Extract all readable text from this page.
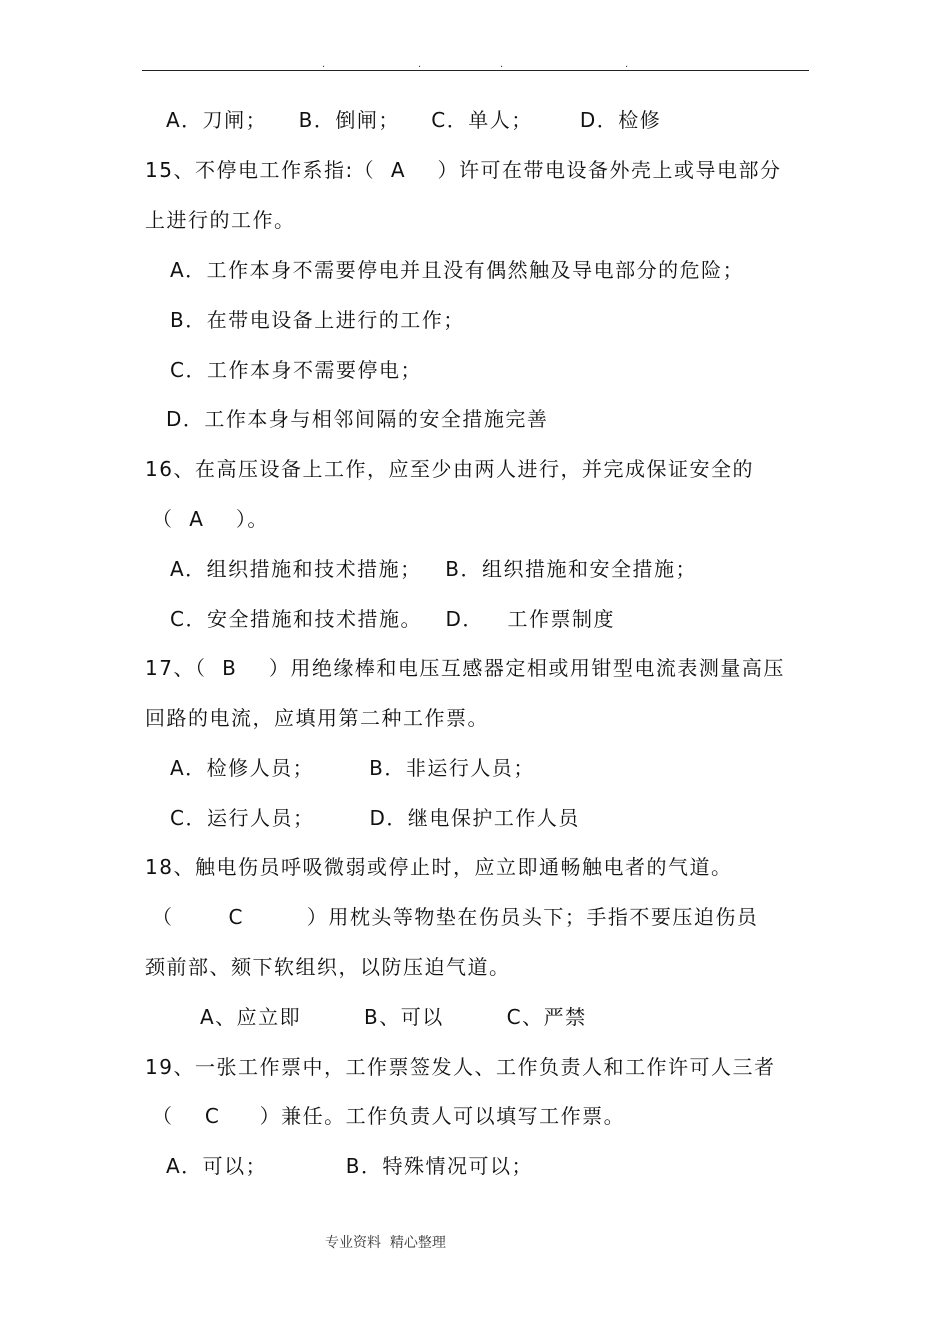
.	.	.	.
A．刀闸；    B．倒闸；    C．单人；      D．检修
15、不停电工作系指:（  A    ）许可在带电设备外壳上或导电部分
上进行的工作。
A．工作本身不需要停电并且没有偶然触及导电部分的危险；
B．在带电设备上进行的工作；
C．工作本身不需要停电；
D．工作本身与相邻间隔的安全措施完善
16、在高压设备上工作，应至少由两人进行，并完成保证安全的
（  A    ）。
A．组织措施和技术措施；   B．组织措施和安全措施；
C．安全措施和技术措施。   D．   工作票制度
17、（  B    ）用绝缘棒和电压互感器定相或用钳型电流表测量高压
回路的电流，应填用第二种工作票。
A．检修人员；       B．非运行人员；
C．运行人员；       D．继电保护工作人员
18、触电伤员呼吸微弱或停止时，应立即通畅触电者的气道。
（       C        ）用枕头等物垫在伤员头下；手指不要压迫伤员
颈前部、颏下软组织，以防压迫气道。
A、应立即        B、可以        C、严禁
19、一张工作票中，工作票签发人、工作负责人和工作许可人三者
（    C     ）兼任。工作负责人可以填写工作票。
A．可以；          B．特殊情况可以；
专业资料  精心整理
